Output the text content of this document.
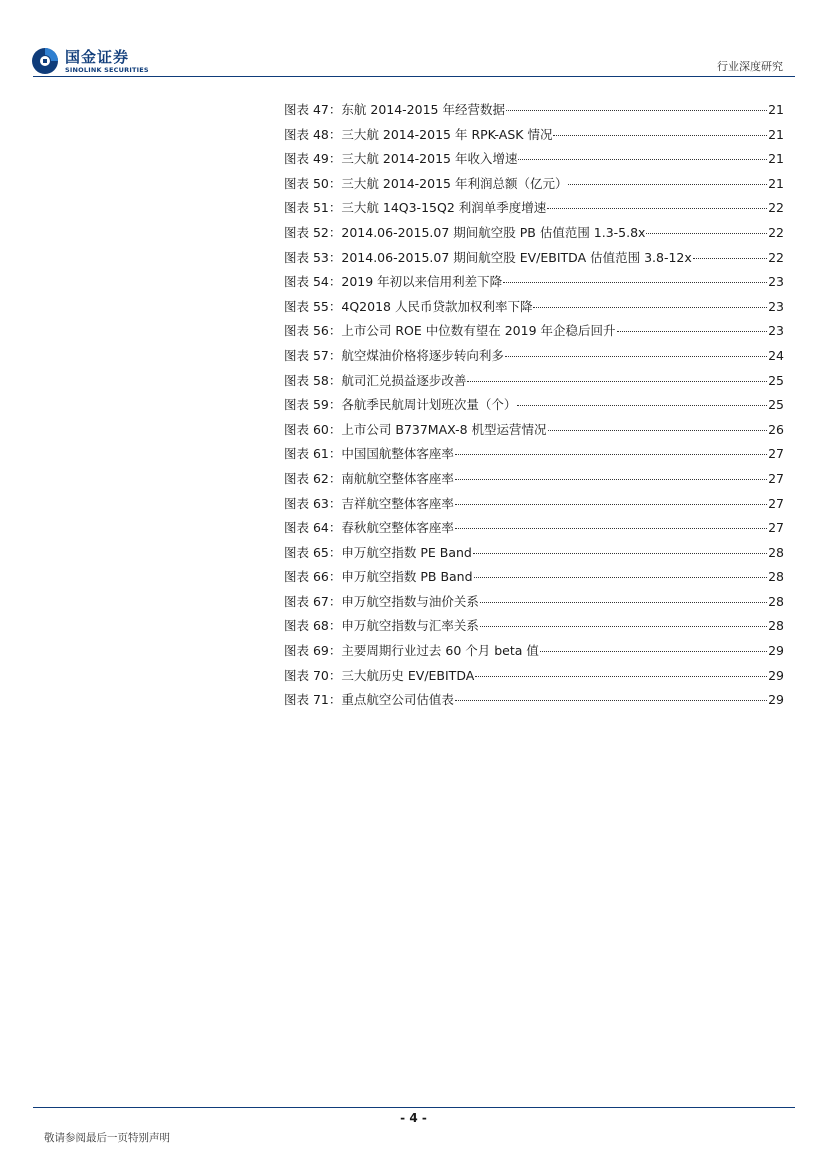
国金证券
SINOLINK SECURITIES	行业深度研究
图表 47： 东航 2014-2015 年经营数据	21
图表 48： 三大航 2014-2015 年 RPK-ASK 情况	21
图表 49： 三大航 2014-2015 年收入增速	21
图表 50： 三大航 2014-2015 年利润总额（亿元）	21
图表 51： 三大航 14Q3-15Q2 利润单季度增速	22
图表 52： 2014.06-2015.07 期间航空股 PB 估值范围 1.3-5.8x	22
图表 53： 2014.06-2015.07 期间航空股 EV/EBITDA 估值范围 3.8-12x	22
图表 54： 2019 年初以来信用利差下降	23
图表 55： 4Q2018 人民币贷款加权利率下降	23
图表 56： 上市公司 ROE 中位数有望在 2019 年企稳后回升	23
图表 57： 航空煤油价格将逐步转向利多	24
图表 58： 航司汇兑损益逐步改善	25
图表 59： 各航季民航周计划班次量（个）	25
图表 60： 上市公司 B737MAX-8 机型运营情况	26
图表 61： 中国国航整体客座率	27
图表 62： 南航航空整体客座率	27
图表 63： 吉祥航空整体客座率	27
图表 64： 春秋航空整体客座率	27
图表 65： 申万航空指数 PE Band	28
图表 66： 申万航空指数 PB Band	28
图表 67： 申万航空指数与油价关系	28
图表 68： 申万航空指数与汇率关系	28
图表 69： 主要周期行业过去 60 个月 beta 值	29
图表 70： 三大航历史 EV/EBITDA	29
图表 71： 重点航空公司估值表	29
- 4 -
敬请参阅最后一页特别声明
